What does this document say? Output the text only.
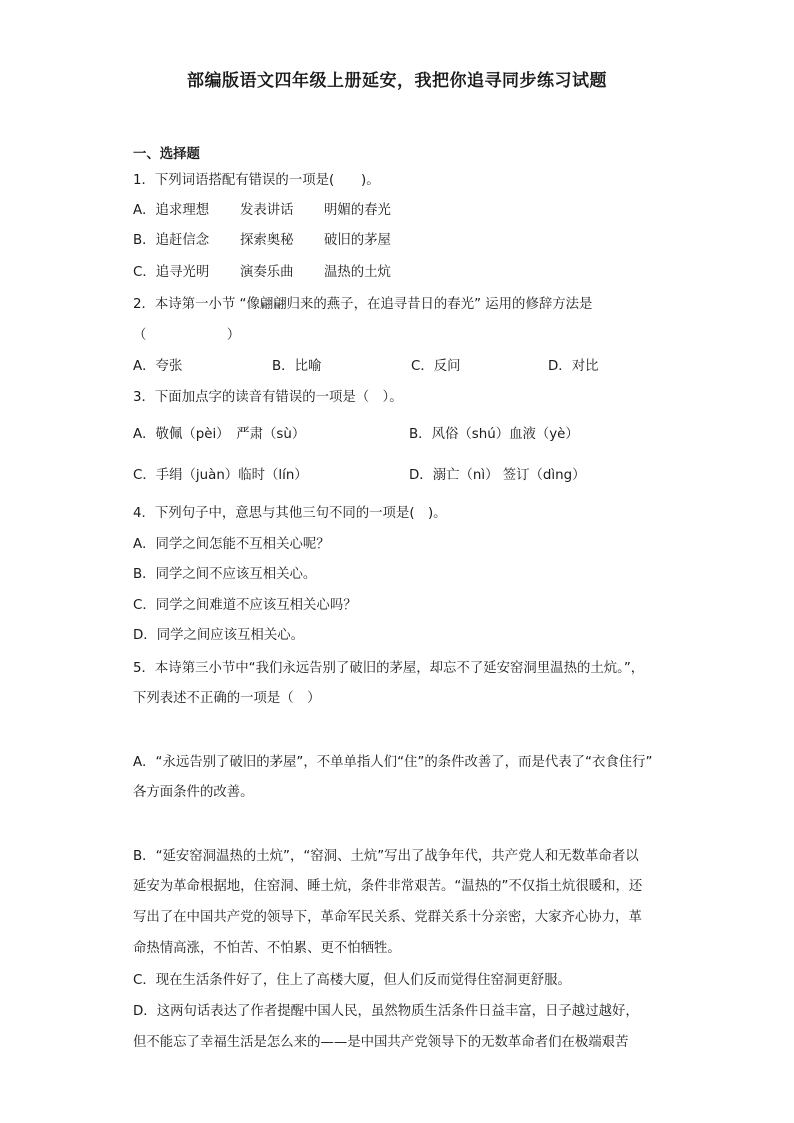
部编版语文四年级上册延安，我把你追寻同步练习试题
一、选择题
1．下列词语搭配有错误的一项是(　　)。
A．追求理想 发表讲话 明媚的春光
B．追赶信念 探索奥秘 破旧的茅屋
C．追寻光明 演奏乐曲 温热的土炕
2．本诗第一小节 “像翩翩归来的燕子，在追寻昔日的春光” 运用的修辞方法是
（　　　　　　）
A．夸张	B．比喻	C．反问	D．对比
3．下面加点字的读音有错误的一项是（　）。
A．敬佩（pèi）　严肃（sù）	B．风俗（shú）血液（yè）
C．手绢（juàn）临时（lín）	D．溺亡（nì） 签订（dìng）
4．下列句子中，意思与其他三句不同的一项是(　)。
A．同学之间怎能不互相关心呢？
B．同学之间不应该互相关心。
C．同学之间难道不应该互相关心吗？
D．同学之间应该互相关心。
5．本诗第三小节中“我们永远告别了破旧的茅屋，却忘不了延安窑洞里温热的土炕。”，
下列表述不正确的一项是（　）
A．“永远告别了破旧的茅屋”，不单单指人们“住”的条件改善了，而是代表了“衣食住行”
各方面条件的改善。
B．“延安窑洞温热的土炕”，“窑洞、土炕”写出了战争年代，共产党人和无数革命者以
延安为革命根据地，住窑洞、睡土炕，条件非常艰苦。“温热的”不仅指土炕很暖和，还
写出了在中国共产党的领导下，革命军民关系、党群关系十分亲密，大家齐心协力，革
命热情高涨，不怕苦、不怕累、更不怕牺牲。
C．现在生活条件好了，住上了高楼大厦，但人们反而觉得住窑洞更舒服。
D．这两句话表达了作者提醒中国人民，虽然物质生活条件日益丰富，日子越过越好，
但不能忘了幸福生活是怎么来的——是中国共产党领导下的无数革命者们在极端艰苦
